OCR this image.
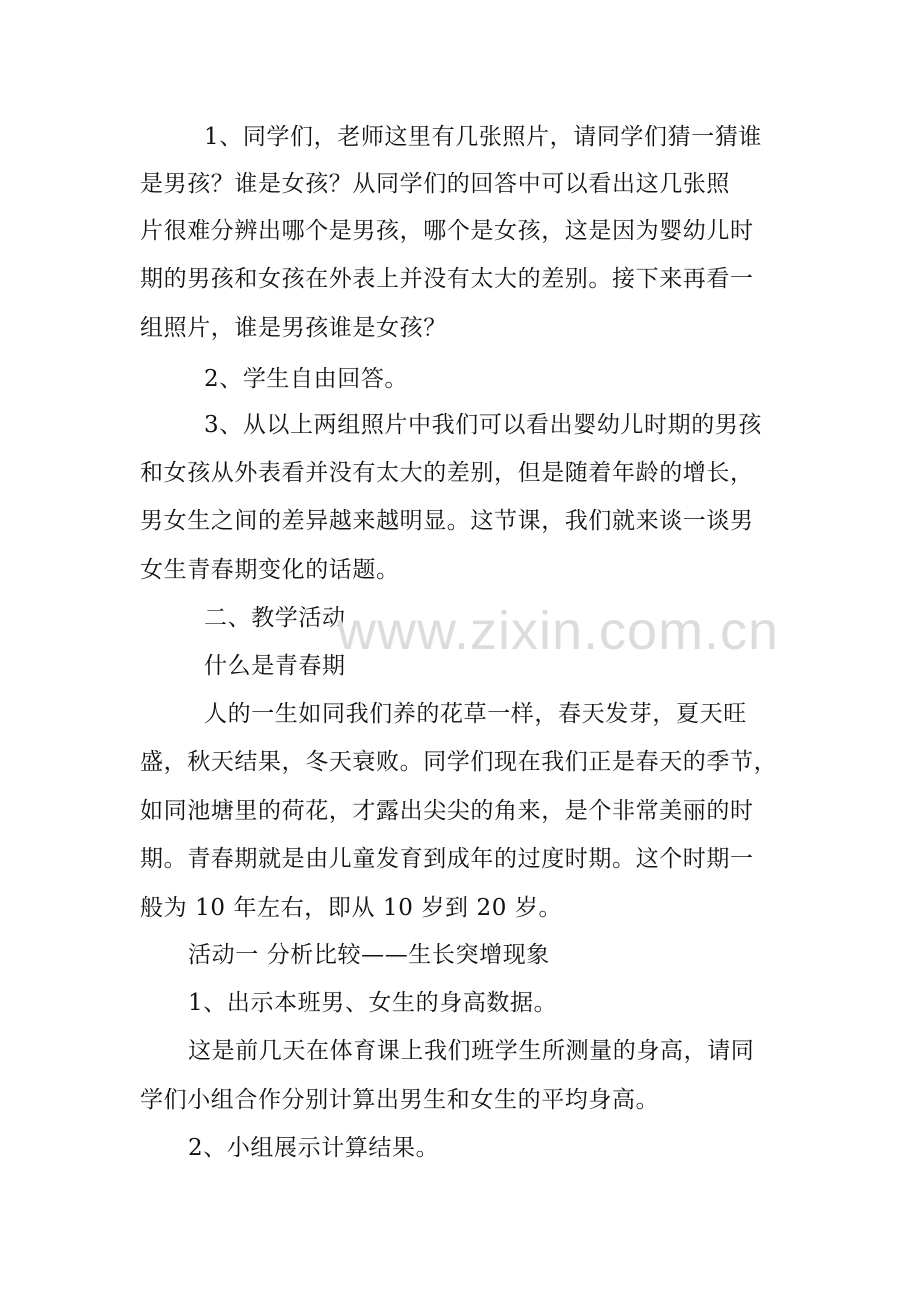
1、同学们，老师这里有几张照片，请同学们猜一猜谁

是男孩？谁是女孩？从同学们的回答中可以看出这几张照

片很难分辨出哪个是男孩，哪个是女孩，这是因为婴幼儿时

期的男孩和女孩在外表上并没有太大的差别。接下来再看一

组照片，谁是男孩谁是女孩？

2、学生自由回答。

3、从以上两组照片中我们可以看出婴幼儿时期的男孩

和女孩从外表看并没有太大的差别，但是随着年龄的增长，

男女生之间的差异越来越明显。这节课，我们就来谈一谈男

女生青春期变化的话题。

二、教学活动

什么是青春期

人的一生如同我们养的花草一样，春天发芽，夏天旺

盛，秋天结果，冬天衰败。同学们现在我们正是春天的季节，

如同池塘里的荷花，才露出尖尖的角来，是个非常美丽的时

期。青春期就是由儿童发育到成年的过度时期。这个时期一

般为 10 年左右，即从 10 岁到 20 岁。

活动一 分析比较——生长突增现象

1、出示本班男、女生的身高数据。

这是前几天在体育课上我们班学生所测量的身高，请同

学们小组合作分别计算出男生和女生的平均身高。

2、小组展示计算结果。

www.zixin.com.cn
